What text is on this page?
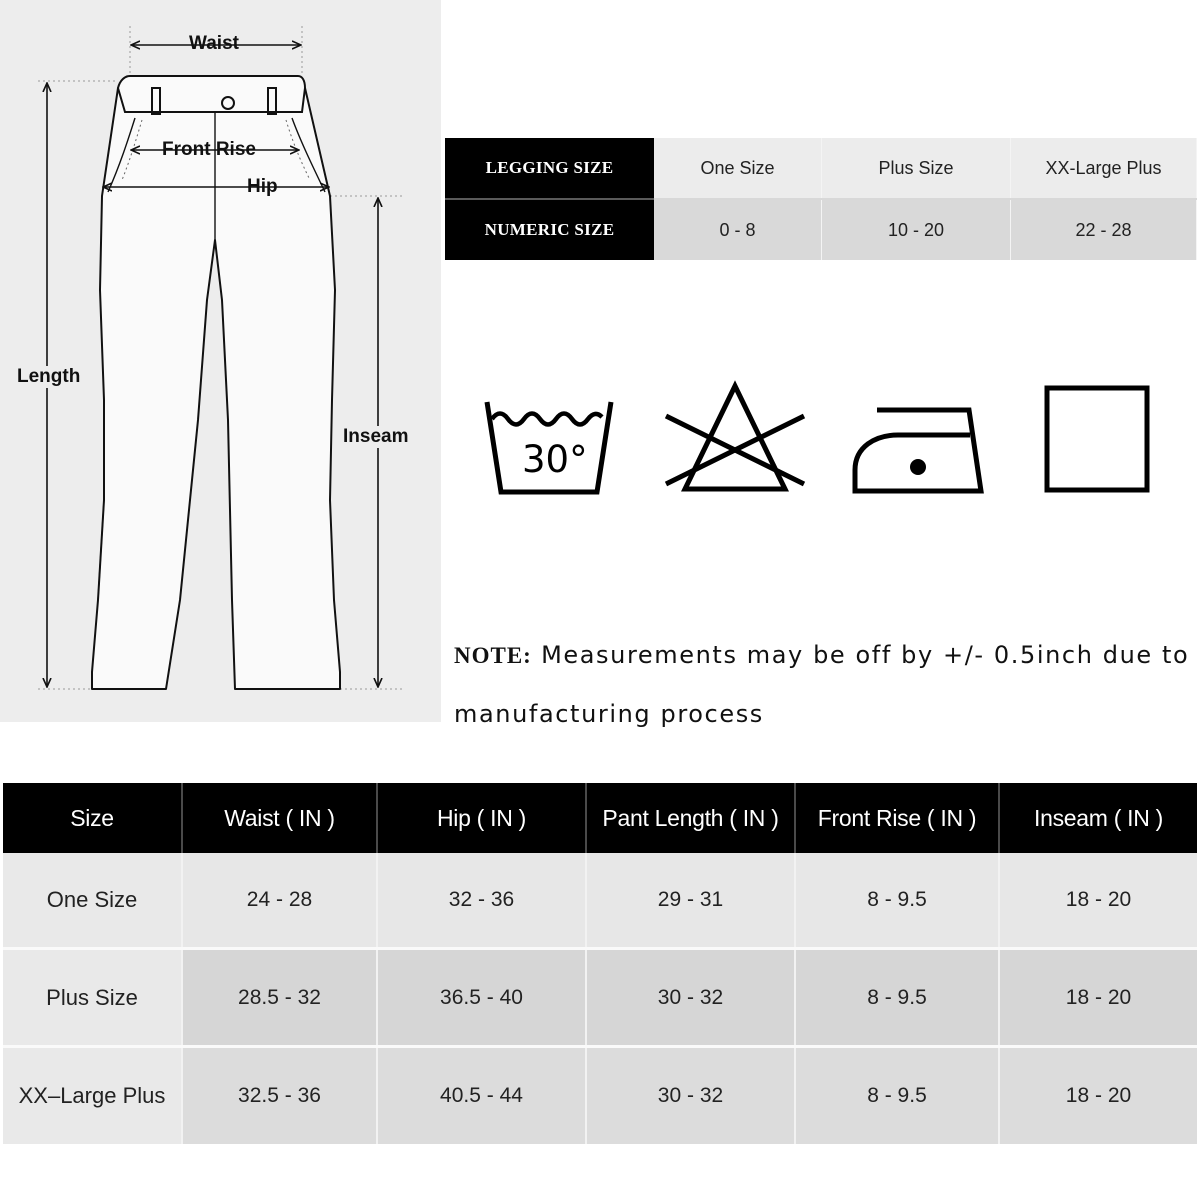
Waist
Front Rise
Hip
Length
Inseam
LEGGING SIZE	One Size	Plus Size	XX-Large Plus
NUMERIC SIZE	0 - 8	10 - 20	22 - 28
30°
NOTE: Measurements may be off by +/- 0.5inch due to manufacturing process
Size	Waist ( IN )	Hip ( IN )	Pant Length ( IN )	Front Rise ( IN )	Inseam ( IN )
One Size	24 - 28	32 - 36	29 - 31	8 - 9.5	18 - 20
Plus Size	28.5 - 32	36.5 - 40	30 - 32	8 - 9.5	18 - 20
XX–Large Plus	32.5 - 36	40.5 - 44	30 - 32	8 - 9.5	18 - 20
